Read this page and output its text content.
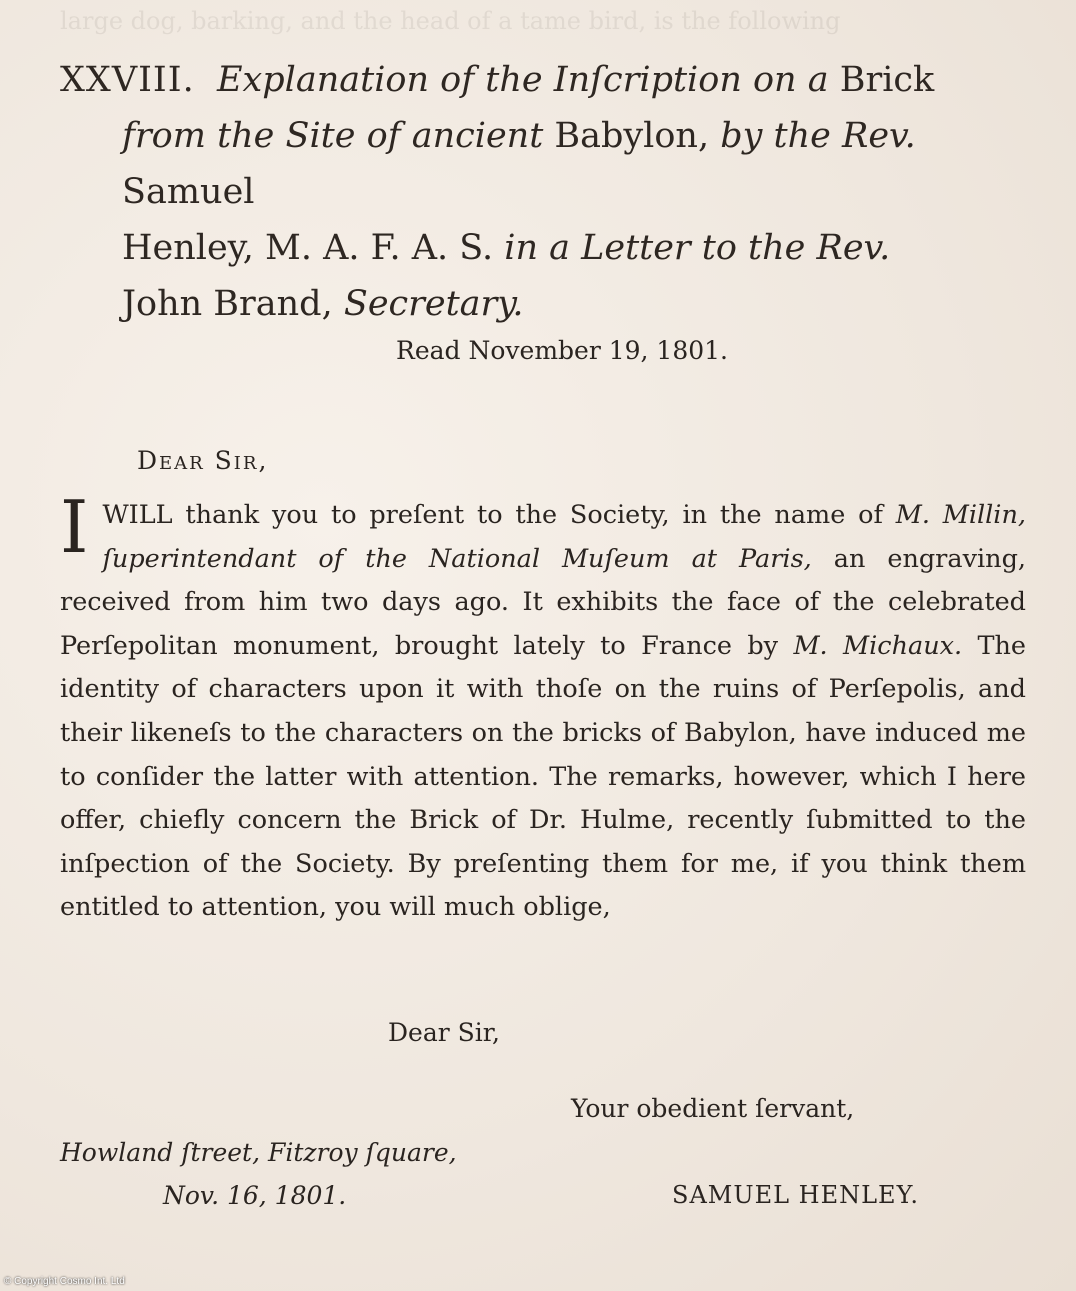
large dog, barking, and the head of a tame bird, is the following
XXVIII. Explanation of the Inſcription on a Brick
from the Site of ancient Babylon, by the Rev. Samuel
Henley, M. A. F. A. S. in a Letter to the Rev.
John Brand, Secretary.
Read November 19, 1801.
Dear Sir,
I WILL thank you to preſent to the Society, in the name of M. Millin, ſuperintendant of the National Muſeum at Paris, an engraving, received from him two days ago. It exhibits the face of the celebrated Perſepolitan monument, brought lately to France by M. Michaux. The identity of characters upon it with thoſe on the ruins of Perſepolis, and their likeneſs to the characters on the bricks of Babylon, have induced me to conſider the latter with attention. The remarks, however, which I here offer, chiefly concern the Brick of Dr. Hulme, recently ſubmitted to the inſpection of the Society. By preſenting them for me, if you think them entitled to attention, you will much oblige,
Dear Sir,
Your obedient ſervant,
Howland ſtreet, Fitzroy ſquare,
Nov. 16, 1801.	SAMUEL HENLEY.
© Copyright Cosmo Int. Ltd
